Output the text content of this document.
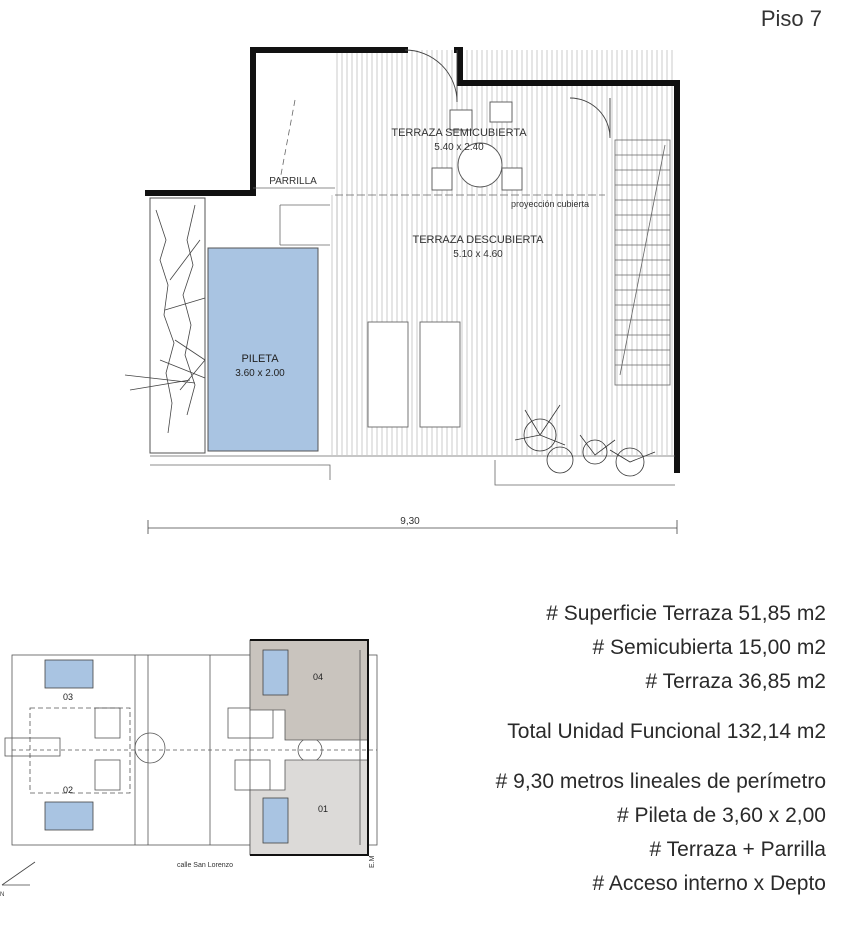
Piso 7
TERRAZA SEMICUBIERTA
5.40 x 2.40
PARRILLA
proyección cubierta
TERRAZA DESCUBIERTA
5.10 x 4.60
PILETA
3.60 x 2.00
9,30
# Superficie Terraza 51,85 m2
# Semicubierta 15,00 m2
# Terraza 36,85 m2
Total Unidad Funcional 132,14 m2
# 9,30 metros lineales de perímetro
# Pileta de 3,60 x 2,00
# Terraza + Parrilla
# Acceso interno x Depto
03
02
04
01
calle San Lorenzo	E.M
N
